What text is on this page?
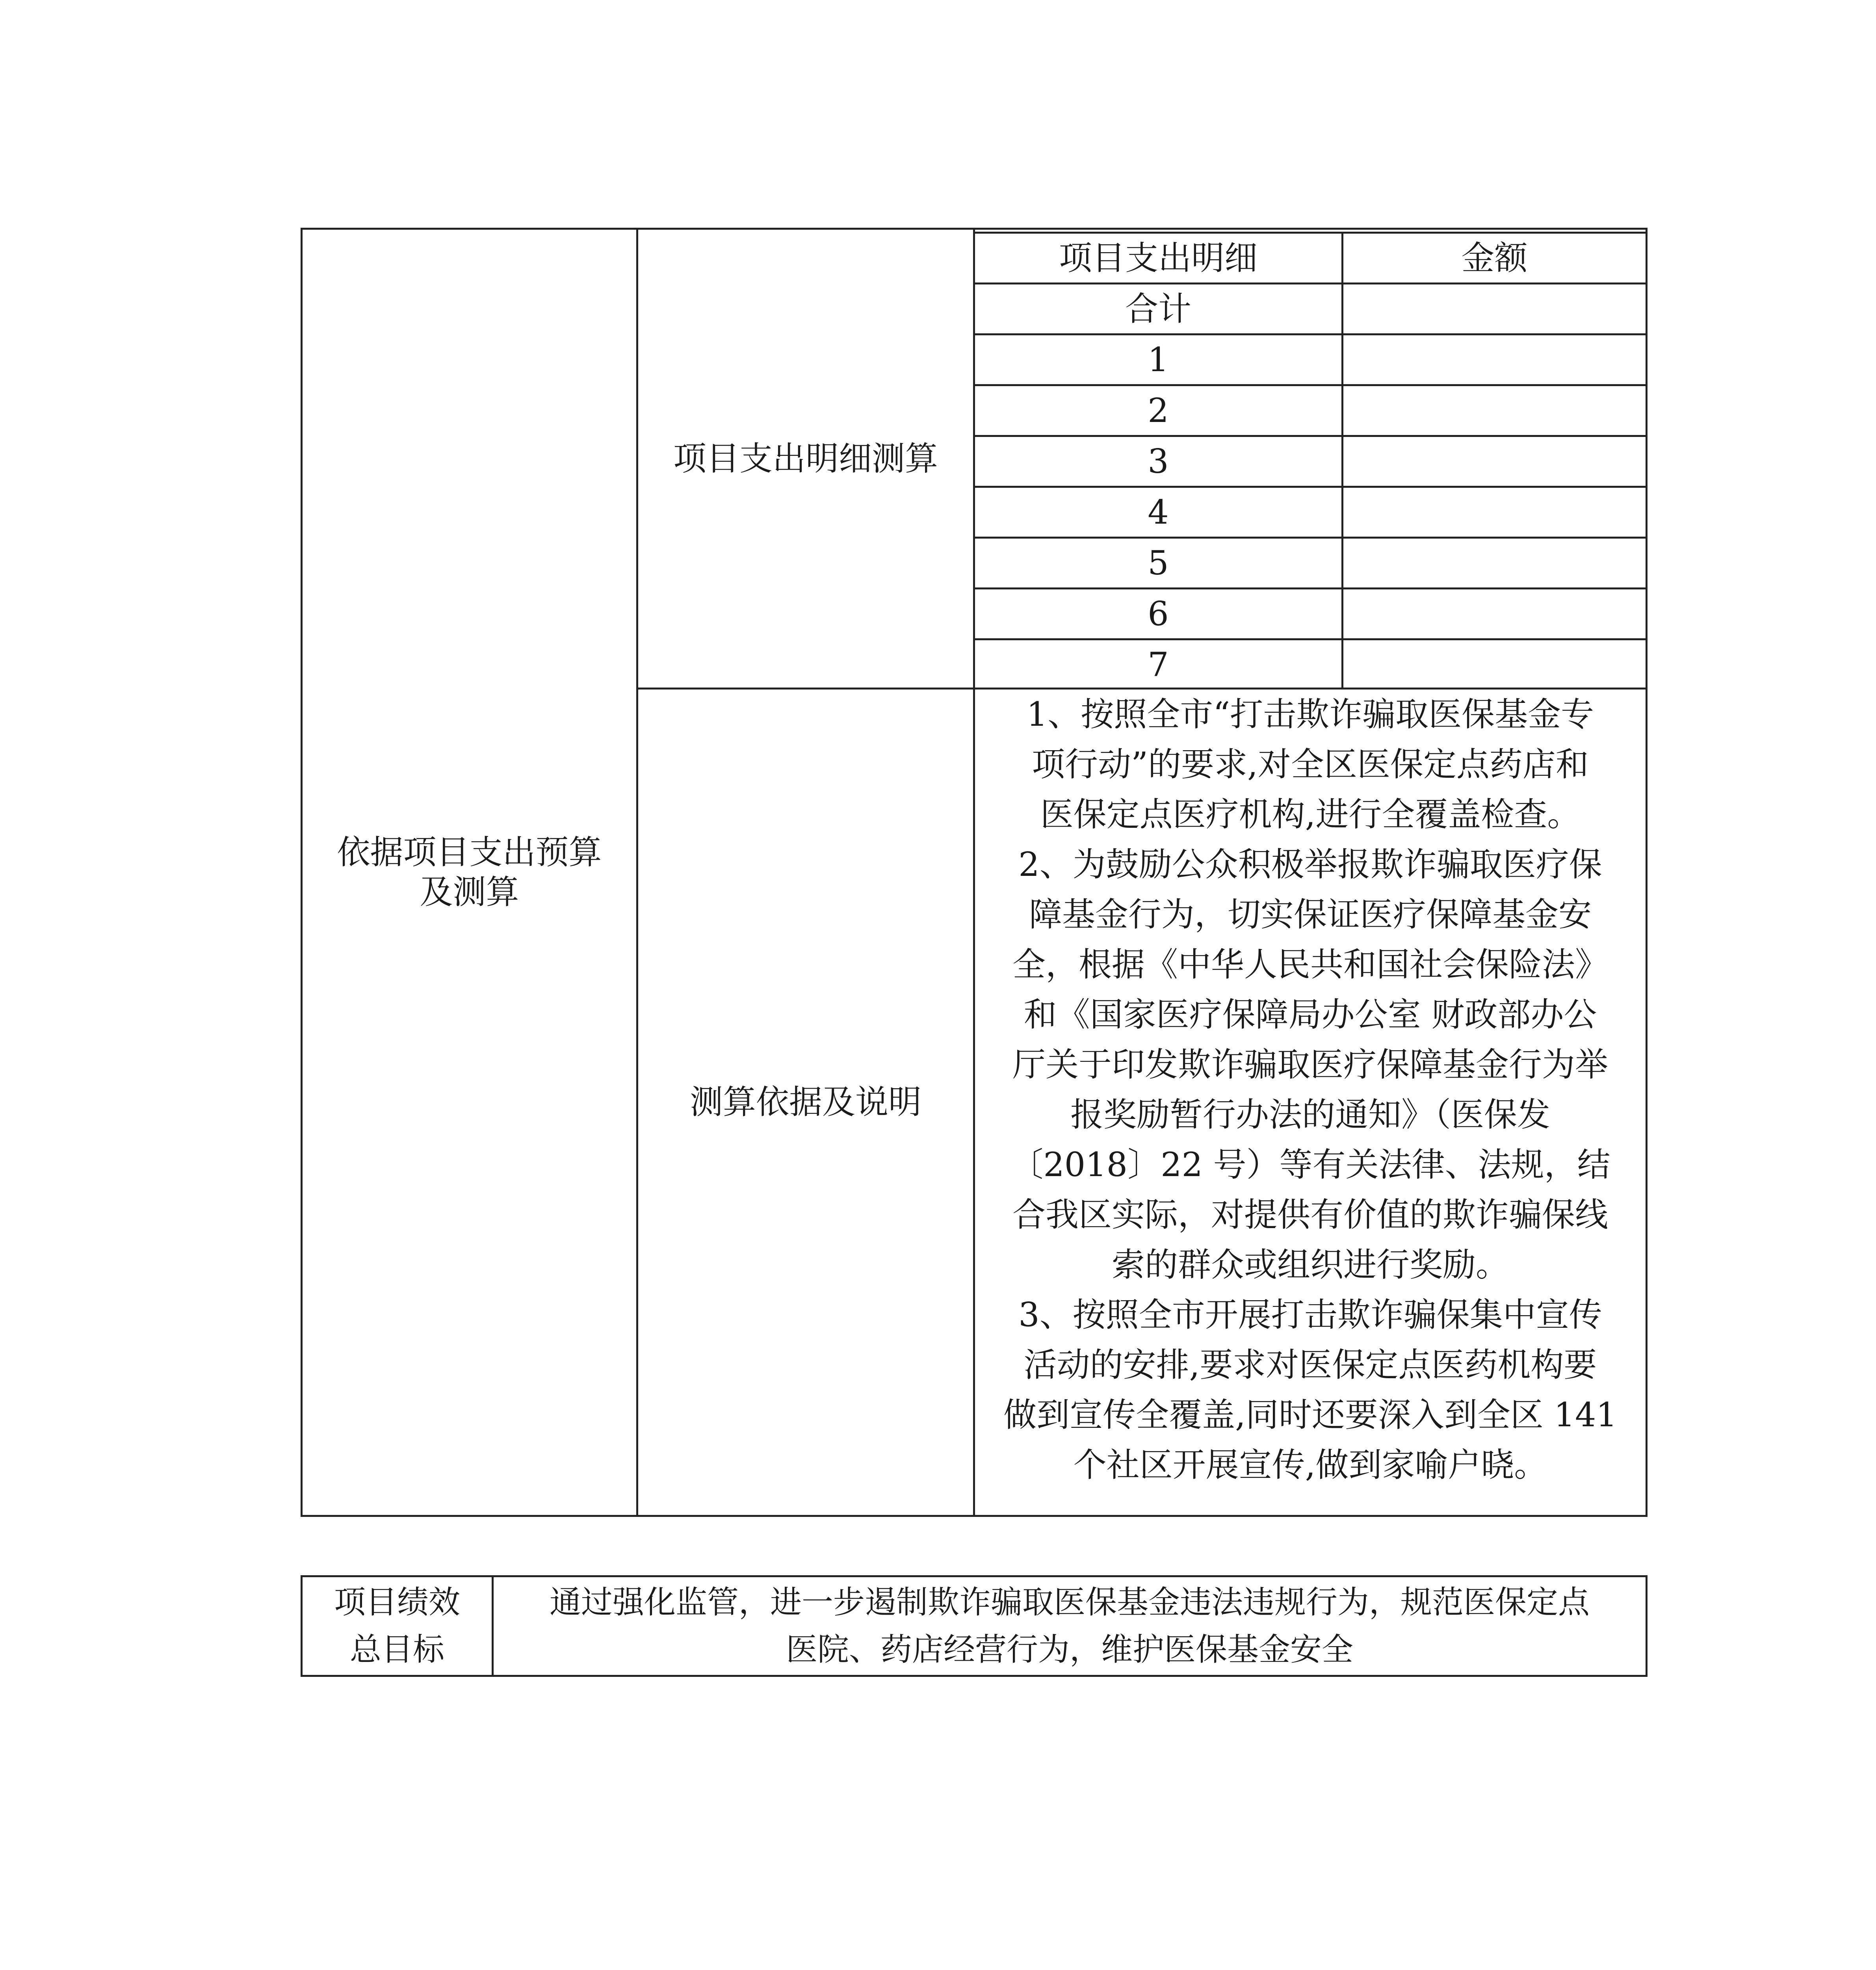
依据项目支出预算
及测算
项目支出明细测算
项目支出明细	金额
合计
1
2
3
4
5
6
7
测算依据及说明

1、按照全市“打击欺诈骗取医保基金专

项行动”的要求,对全区医保定点药店和

医保定点医疗机构,进行全覆盖检查。

2、为鼓励公众积极举报欺诈骗取医疗保

障基金行为，切实保证医疗保障基金安

全，根据《中华人民共和国社会保险法》

和《国家医疗保障局办公室 财政部办公

厅关于印发欺诈骗取医疗保障基金行为举

报奖励暂行办法的通知》（医保发

〔2018〕22 号）等有关法律、法规，结

合我区实际，对提供有价值的欺诈骗保线

索的群众或组织进行奖励。

3、按照全市开展打击欺诈骗保集中宣传

活动的安排,要求对医保定点医药机构要

做到宣传全覆盖,同时还要深入到全区 141

个社区开展宣传,做到家喻户晓。

项目绩效
总目标
通过强化监管，进一步遏制欺诈骗取医保基金违法违规行为，规范医保定点
医院、药店经营行为，维护医保基金安全
